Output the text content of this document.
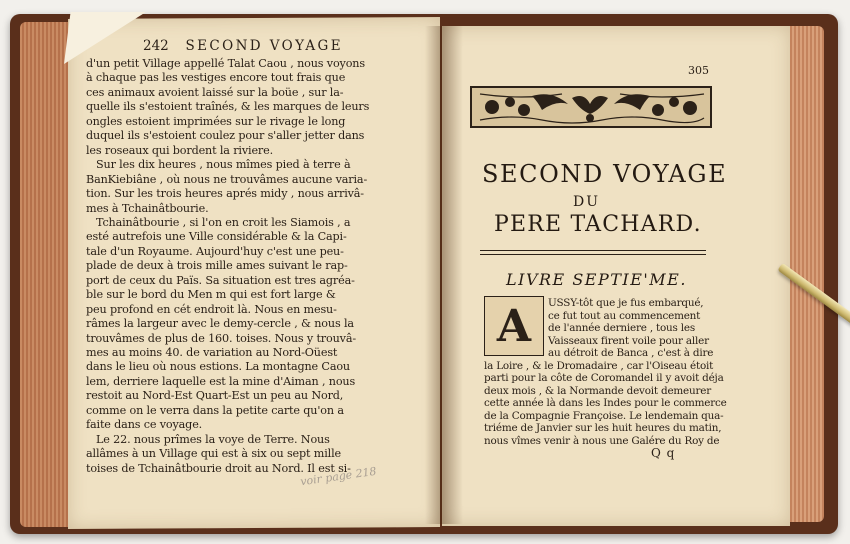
242 SECOND VOYAGE
d'un petit Village appellé Talat Caou , nous voyons
à chaque pas les vestiges encore tout frais que
ces animaux avoient laissé sur la boüe , sur la-
quelle ils s'estoient traînés, & les marques de leurs
ongles estoient imprimées sur le rivage le long
duquel ils s'estoient coulez pour s'aller jetter dans
les roseaux qui bordent la riviere.
Sur les dix heures , nous mîmes pied à terre à
BanKiebiâne , où nous ne trouvâmes aucune varia-
tion. Sur les trois heures aprés midy , nous arrivâ-
mes à Tchainâtbourie.
Tchainâtbourie , si l'on en croit les Siamois , a
esté autrefois une Ville considérable & la Capi-
tale d'un Royaume. Aujourd'huy c'est une peu-
plade de deux à trois mille ames suivant le rap-
port de ceux du Païs. Sa situation est tres agréa-
ble sur le bord du Men m qui est fort large &
peu profond en cét endroit là. Nous en mesu-
râmes la largeur avec le demy-cercle , & nous la
trouvâmes de plus de 160. toises. Nous y trouvâ-
mes au moins 40. de variation au Nord-Oüest
dans le lieu où nous estions. La montagne Caou
lem, derriere laquelle est la mine d'Aiman , nous
restoit au Nord-Est Quart-Est un peu au Nord,
comme on le verra dans la petite carte qu'on a
faite dans ce voyage.
Le 22. nous prîmes la voye de Terre. Nous
allâmes à un Village qui est à six ou sept mille
toises de Tchainâtbourie droit au Nord. Il est si-
voir page 218
305
SECOND VOYAGE
DU
PERE TACHARD.
LIVRE SEPTIE'ME.
A USSY-tôt que je fus embarqué,
ce fut tout au commencement
de l'année derniere , tous les
Vaisseaux firent voile pour aller
au détroit de Banca , c'est à dire
la Loire , & le Dromadaire , car l'Oiseau étoit
parti pour la côte de Coromandel il y avoit déja
deux mois , & la Normande devoit demeurer
cette année là dans les Indes pour le commerce
de la Compagnie Françoise. Le lendemain qua-
triéme de Janvier sur les huit heures du matin,
nous vîmes venir à nous une Galére du Roy de
Q q
